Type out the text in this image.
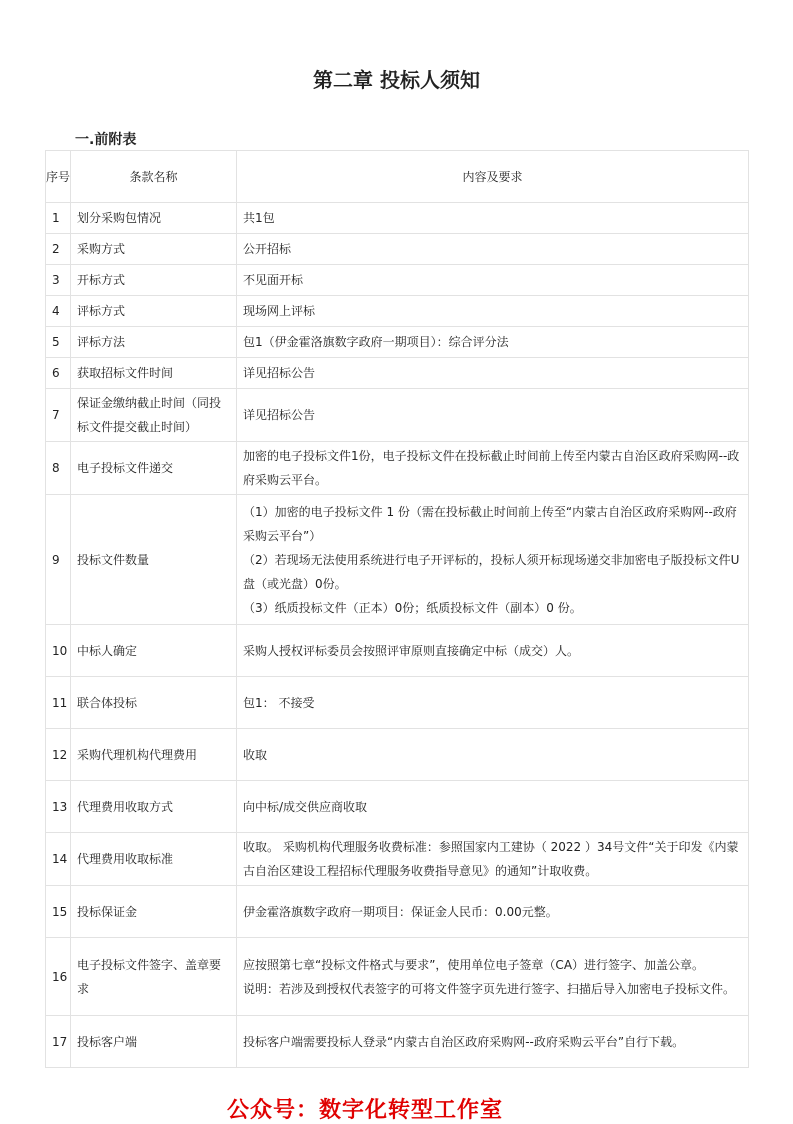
第二章 投标人须知
一.前附表
序号	条款名称	内容及要求
1	划分采购包情况	共1包

2	采购方式	公开招标

3	开标方式	不见面开标

4	评标方式	现场网上评标

5	评标方法	包1（伊金霍洛旗数字政府一期项目）：综合评分法

6	获取招标文件时间	详见招标公告

7	保证金缴纳截止时间（同投标文件提交截止时间）	详见招标公告

8	电子投标文件递交	加密的电子投标文件1份，电子投标文件在投标截止时间前上传至内蒙古自治区政府采购网--政府采购云平台。

9	投标文件数量	（1）加密的电子投标文件 1 份（需在投标截止时间前上传至“内蒙古自治区政府采购网--政府采购云平台”）
（2）若现场无法使用系统进行电子开评标的，投标人须开标现场递交非加密电子版投标文件U盘（或光盘）0份。
（3）纸质投标文件（正本）0份；纸质投标文件（副本）0 份。

10	中标人确定	采购人授权评标委员会按照评审原则直接确定中标（成交）人。

11	联合体投标	包1： 不接受

12	采购代理机构代理费用	收取

13	代理费用收取方式	向中标/成交供应商收取

14	代理费用收取标准	收取。 采购机构代理服务收费标准：参照国家内工建协（ 2022 ）34号文件“关于印发《内蒙古自治区建设工程招标代理服务收费指导意见》的通知”计取收费。

15	投标保证金	伊金霍洛旗数字政府一期项目：保证金人民币：0.00元整。

16	电子投标文件签字、盖章要求	应按照第七章“投标文件格式与要求”，使用单位电子签章（CA）进行签字、加盖公章。
说明：若涉及到授权代表签字的可将文件签字页先进行签字、扫描后导入加密电子投标文件。

17	投标客户端	投标客户端需要投标人登录“内蒙古自治区政府采购网--政府采购云平台”自行下载。
公众号：数字化转型工作室
